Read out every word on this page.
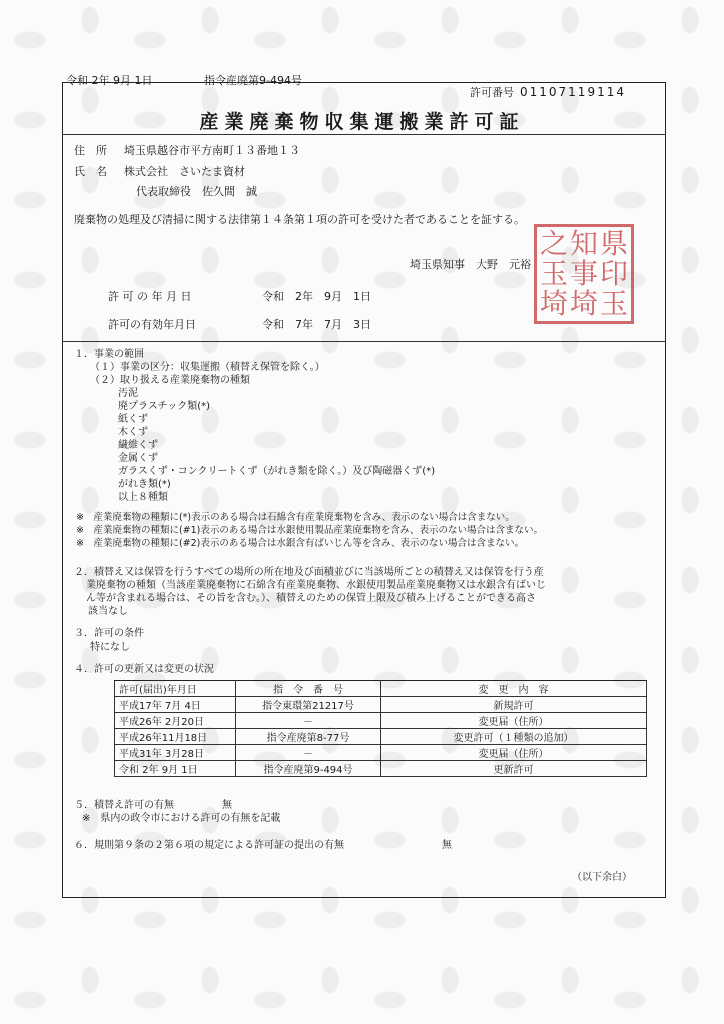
令和 2年 9月 1日	指令産廃第9-494号
許可番号 01107119114
産業廃棄物収集運搬業許可証
住　所 埼玉県越谷市平方南町１３番地１３
氏　名 株式会社　さいたま資材
代表取締役　佐久間　誠
廃棄物の処理及び清掃に関する法律第１４条第１項の許可を受けた者であることを証する。
埼玉県知事　大野　元裕
之 知 県
玉 事 印
埼 埼 玉
許 可 の 年 月 日	令和　2年　9月　1日
許可の有効年月日	令和　7年　7月　3日
１．事業の範囲
（１）事業の区分：収集運搬（積替え保管を除く。）
（２）取り扱える産業廃棄物の種類
汚泥
廃プラスチック類(*)
紙くず
木くず
繊維くず
金属くず
ガラスくず・コンクリートくず（がれき類を除く。）及び陶磁器くず(*)
がれき類(*)
以上８種類
※　産業廃棄物の種類に(*)表示のある場合は石綿含有産業廃棄物を含み、表示のない場合は含まない。
※　産業廃棄物の種類に(#1)表示のある場合は水銀使用製品産業廃棄物を含み、表示のない場合は含まない。
※　産業廃棄物の種類に(#2)表示のある場合は水銀含有ばいじん等を含み、表示のない場合は含まない。
２．積替え又は保管を行うすべての場所の所在地及び面積並びに当該場所ごとの積替え又は保管を行う産
業廃棄物の種類（当該産業廃棄物に石綿含有産業廃棄物、水銀使用製品産業廃棄物又は水銀含有ばいじ
ん等が含まれる場合は、その旨を含む。）、積替えのための保管上限及び積み上げることができる高さ
該当なし
３．許可の条件
特になし
４．許可の更新又は変更の状況
許可(届出)年月日	指　令　番　号	変　更　内　容
平成17年 7月 4日	指令東環第21217号	新規許可
平成26年 2月20日	－	変更届（住所）
平成26年11月18日	指令産廃第8-77号	変更許可（１種類の追加）
平成31年 3月28日	－	変更届（住所）
令和 2年 9月 1日	指令産廃第9-494号	更新許可
５．積替え許可の有無	無
※　県内の政令市における許可の有無を記載
６．規則第９条の２第６項の規定による許可証の提出の有無	無
（以下余白）
